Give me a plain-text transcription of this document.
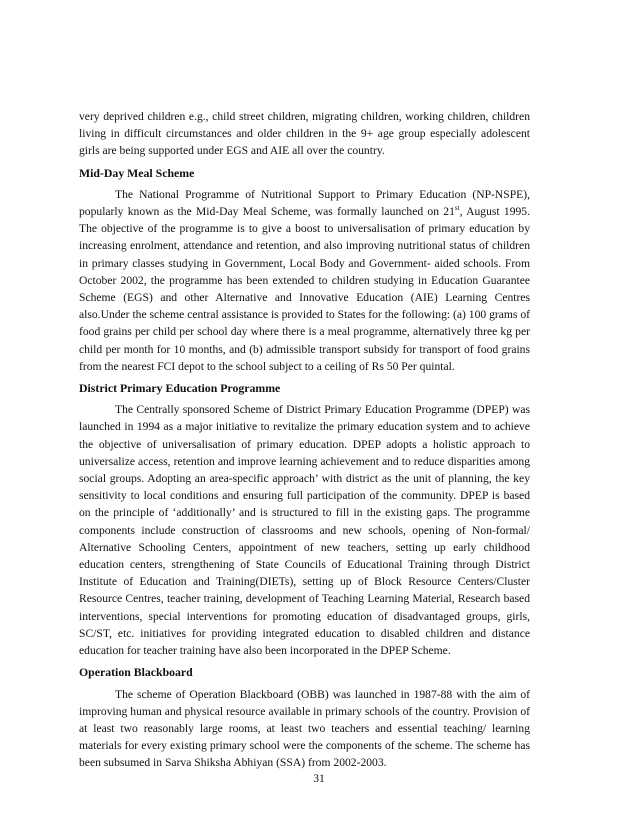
very deprived children e.g., child street children, migrating children, working children, children living in difficult circumstances and older children in the 9+ age group especially adolescent girls are being supported under EGS and AIE all over the country.

Mid-Day Meal Scheme

The National Programme of Nutritional Support to Primary Education (NP-NSPE), popularly known as the Mid-Day Meal Scheme, was formally launched on 21st, August 1995. The objective of the programme is to give a boost to universalisation of primary education by increasing enrolment, attendance and retention, and also improving nutritional status of children in primary classes studying in Government, Local Body and Government- aided schools. From October 2002, the programme has been extended to children studying in Education Guarantee Scheme (EGS) and other Alternative and Innovative Education (AIE) Learning Centres also.Under the scheme central assistance is provided to States for the following: (a) 100 grams of food grains per child per school day where there is a meal programme, alternatively three kg per child per month for 10 months, and (b) admissible transport subsidy for transport of food grains from the nearest FCI depot to the school subject to a ceiling of Rs 50 Per quintal.

District Primary Education Programme

The Centrally sponsored Scheme of District Primary Education Programme (DPEP) was launched in 1994 as a major initiative to revitalize the primary education system and to achieve the objective of universalisation of primary education. DPEP adopts a holistic approach to universalize access, retention and improve learning achievement and to reduce disparities among social groups. Adopting an area-specific approach’ with district as the unit of planning, the key sensitivity to local conditions and ensuring full participation of the community. DPEP is based on the principle of ‘additionally’ and is structured to fill in the existing gaps. The programme components include construction of classrooms and new schools, opening of Non-formal/ Alternative Schooling Centers, appointment of new teachers, setting up early childhood education centers, strengthening of State Councils of Educational Training through District Institute of Education and Training(DIETs), setting up of Block Resource Centers/Cluster Resource Centres, teacher training, development of Teaching Learning Material, Research based interventions, special interventions for promoting education of disadvantaged groups, girls, SC/ST, etc. initiatives for providing integrated education to disabled children and distance education for teacher training have also been incorporated in the DPEP Scheme.

Operation Blackboard

The scheme of Operation Blackboard (OBB) was launched in 1987-88 with the aim of improving human and physical resource available in primary schools of the country. Provision of at least two reasonably large rooms, at least two teachers and essential teaching/ learning materials for every existing primary school were the components of the scheme. The scheme has been subsumed in Sarva Shiksha Abhiyan (SSA) from 2002-2003.

31
